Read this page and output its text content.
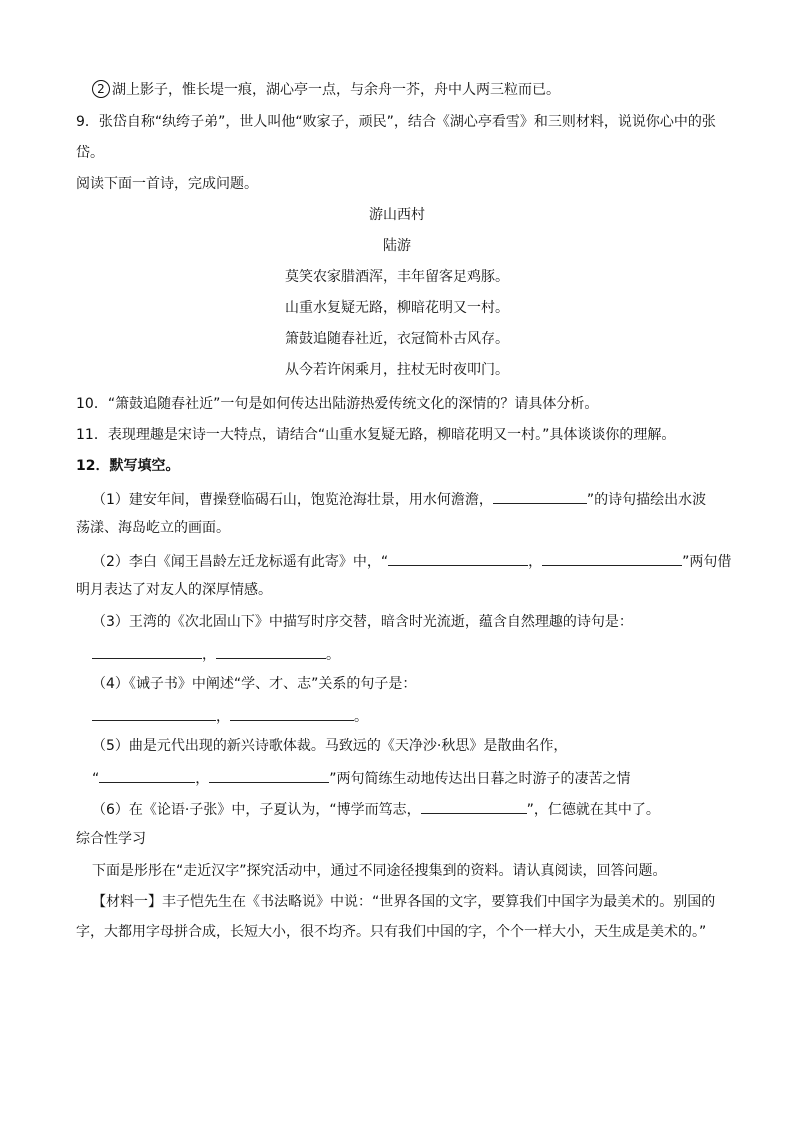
2 湖上影子，惟长堤一痕，湖心亭一点，与余舟一芥，舟中人两三粒而已。
9．张岱自称“纨绔子弟”，世人叫他“败家子，顽民”，结合《湖心亭看雪》和三则材料，说说你心中的张
岱。
阅读下面一首诗，完成问题。
游山西村
陆游
莫笑农家腊酒浑，丰年留客足鸡豚。
山重水复疑无路，柳暗花明又一村。
箫鼓追随春社近，衣冠简朴古风存。
从今若许闲乘月，拄杖无时夜叩门。
10．“箫鼓追随春社近”一句是如何传达出陆游热爱传统文化的深情的？请具体分析。
11．表现理趣是宋诗一大特点，请结合“山重水复疑无路，柳暗花明又一村。”具体谈谈你的理解。
12．默写填空。
（1）建安年间，曹操登临碣石山，饱览沧海壮景，用水何澹澹，	”的诗句描绘出水波
荡漾、海岛屹立的画面。
（2）李白《闻王昌龄左迁龙标遥有此寄》中，“	，	”两句借
明月表达了对友人的深厚情感。
（3）王湾的《次北固山下》中描写时序交替，暗含时光流逝，蕴含自然理趣的诗句是：
，	。
（4）《诫子书》中阐述“学、才、志”关系的句子是：
，	。
（5）曲是元代出现的新兴诗歌体裁。马致远的《天净沙·秋思》是散曲名作，
“	，	”两句简练生动地传达出日暮之时游子的凄苦之情
（6）在《论语·子张》中，子夏认为，“博学而笃志，	”，仁德就在其中了。
综合性学习
下面是彤彤在“走近汉字”探究活动中，通过不同途径搜集到的资料。请认真阅读，回答问题。
【材料一】丰子恺先生在《书法略说》中说：“世界各国的文字，要算我们中国字为最美术的。别国的
字，大都用字母拼合成，长短大小，很不均齐。只有我们中国的字，个个一样大小，天生成是美术的。”
